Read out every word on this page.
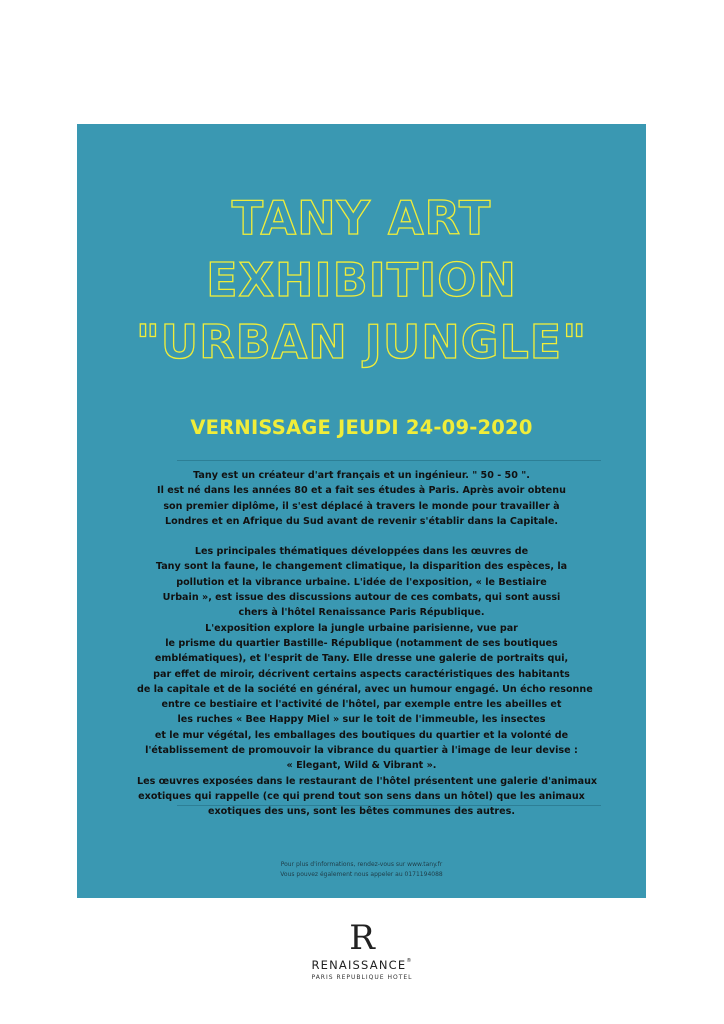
TANY ART
EXHIBITION
"URBAN JUNGLE"
VERNISSAGE JEUDI 24-09-2020

Tany est un créateur d'art français et un ingénieur. " 50 - 50 ".

Il est né dans les années 80 et a fait ses études à Paris. Après avoir obtenu

son premier diplôme, il s'est déplacé à travers le monde pour travailler à

Londres et en Afrique du Sud avant de revenir s'établir dans la Capitale.

Les principales thématiques développées dans les œuvres de

Tany sont la faune, le changement climatique, la disparition des espèces, la

pollution et la vibrance urbaine. L'idée de l'exposition, « le Bestiaire

Urbain », est issue des discussions autour de ces combats, qui sont aussi

chers à l'hôtel Renaissance Paris République.

L'exposition explore la jungle urbaine parisienne, vue par

le prisme du quartier Bastille- République (notamment de ses boutiques

emblématiques), et l'esprit de Tany. Elle dresse une galerie de portraits qui,

par effet de miroir, décrivent certains aspects caractéristiques des habitants

de la capitale et de la société en général, avec un humour engagé. Un écho resonne

entre ce bestiaire et l'activité de l'hôtel, par exemple entre les abeilles et

les ruches « Bee Happy Miel » sur le toit de l'immeuble, les insectes

et le mur végétal, les emballages des boutiques du quartier et la volonté de

l'établissement de promouvoir la vibrance du quartier à l'image de leur devise :

« Elegant, Wild & Vibrant ».

Les œuvres exposées dans le restaurant de l'hôtel présentent une galerie d'animaux

exotiques qui rappelle (ce qui prend tout son sens dans un hôtel) que les animaux

exotiques des uns, sont les bêtes communes des autres.

Pour plus d'informations, rendez-vous sur www.tany.fr

Vous pouvez également nous appeler au 0171194088

R
RENAISSANCE®
PARIS REPUBLIQUE HOTEL
